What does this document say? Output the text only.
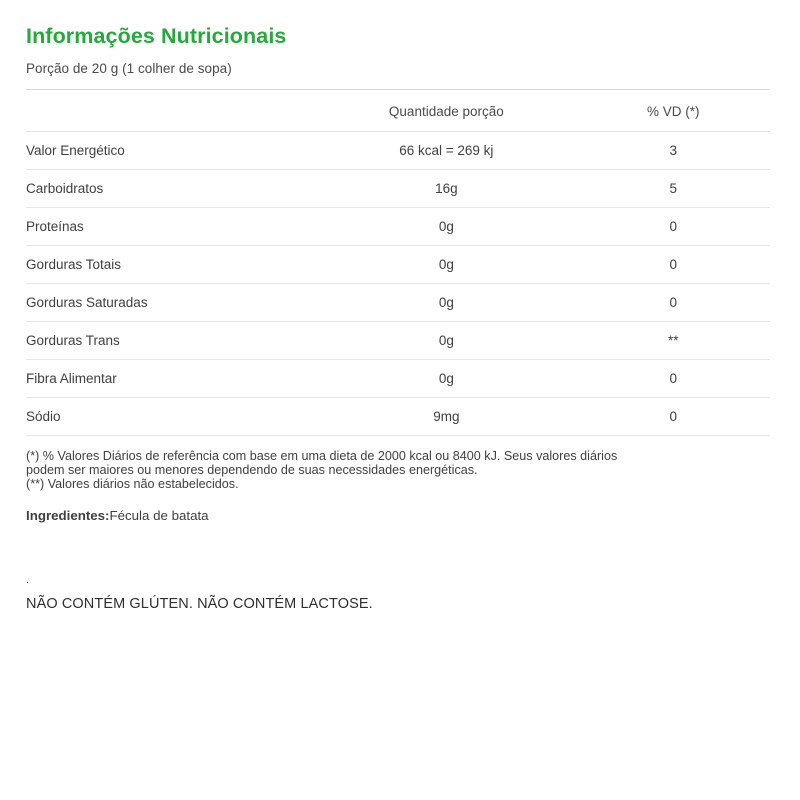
Informações Nutricionais
Porção de 20 g (1 colher de sopa)
	Quantidade porção	% VD (*)
Valor Energético	66 kcal = 269 kj	3
Carboidratos	16g	5
Proteínas	0g	0
Gorduras Totais	0g	0
Gorduras Saturadas	0g	0
Gorduras Trans	0g	**
Fibra Alimentar	0g	0
Sódio	9mg	0

(*) % Valores Diários de referência com base em uma dieta de 2000 kcal ou 8400 kJ. Seus valores diários

podem ser maiores ou menores dependendo de suas necessidades energéticas.

(**) Valores diários não estabelecidos.

Ingredientes:Fécula de batata
.
NÃO CONTÉM GLÚTEN. NÃO CONTÉM LACTOSE.
